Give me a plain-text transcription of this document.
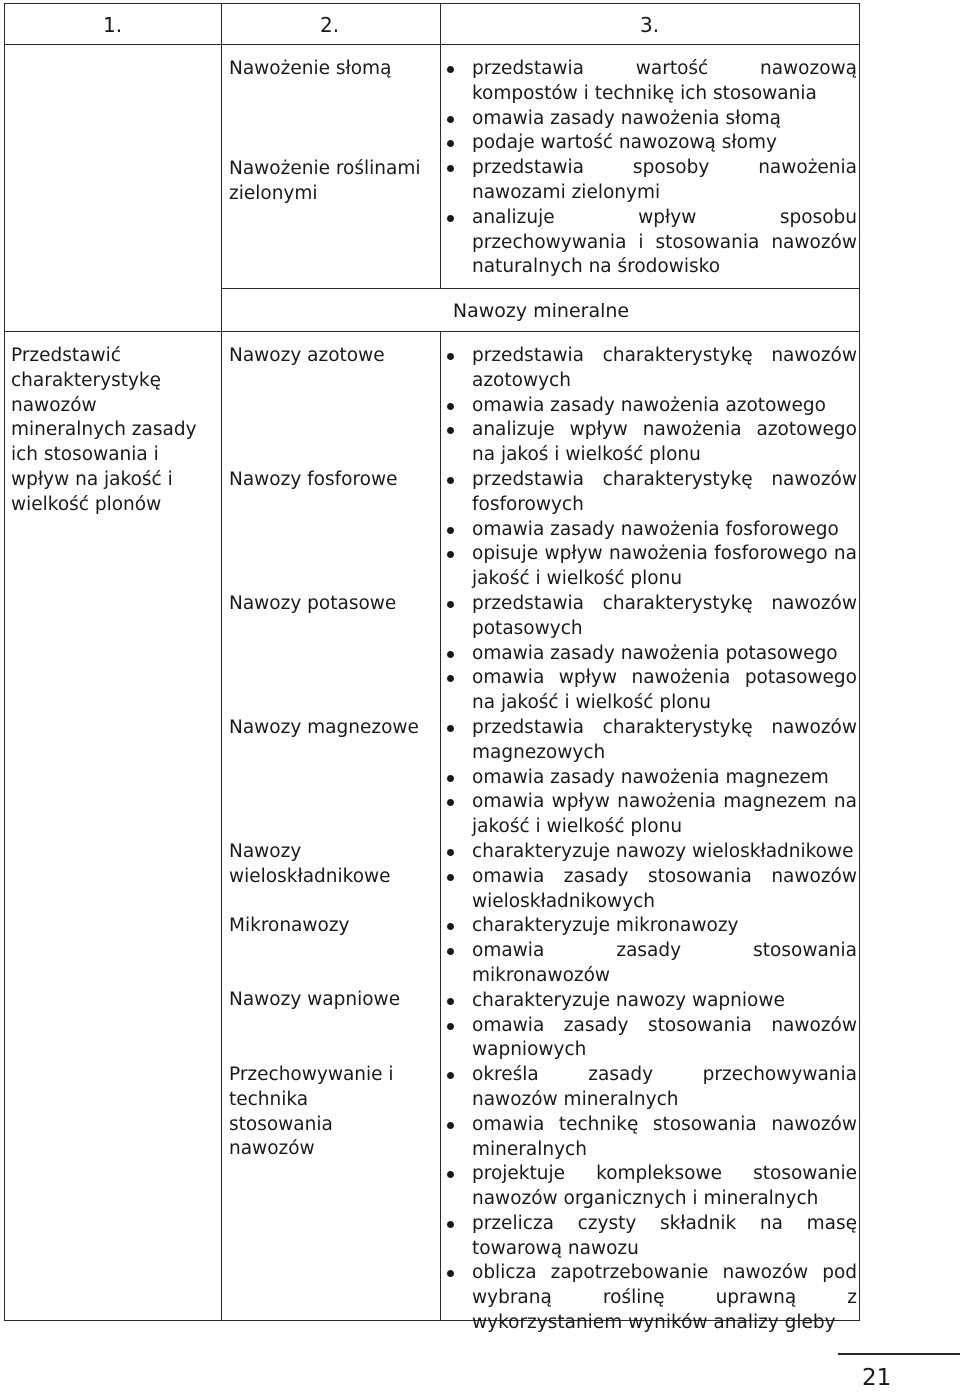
1.	2.	3.
Nawożenie słomą
Nawożenie roślinami zielonymi
przedstawia wartość nawozową kompostów i technikę ich stosowania
omawia zasady nawożenia słomą
podaje wartość nawozową słomy
przedstawia sposoby nawożenia nawozami zielonymi
analizuje wpływ sposobu przechowywania i stosowania nawozów naturalnych na środowisko
Nawozy mineralne
Przedstawić charakterystykę nawozów mineralnych zasady ich stosowania i wpływ na jakość i wielkość plonów
Nawozy azotowe
Nawozy fosforowe
Nawozy potasowe
Nawozy magnezowe
Nawozy wieloskładnikowe
Mikronawozy
Nawozy wapniowe
Przechowywanie i technika stosowania nawozów
przedstawia charakterystykę nawozów azotowych
omawia zasady nawożenia azotowego
analizuje wpływ nawożenia azotowego na jakoś i wielkość plonu
przedstawia charakterystykę nawozów fosforowych
omawia zasady nawożenia fosforowego
opisuje wpływ nawożenia fosforowego na jakość i wielkość plonu
przedstawia charakterystykę nawozów potasowych
omawia zasady nawożenia potasowego
omawia wpływ nawożenia potasowego na jakość i wielkość plonu
przedstawia charakterystykę nawozów magnezowych
omawia zasady nawożenia magnezem
omawia wpływ nawożenia magnezem na jakość i wielkość plonu
charakteryzuje nawozy wieloskładnikowe
omawia zasady stosowania nawozów wieloskładnikowych
charakteryzuje mikronawozy
omawia zasady stosowania mikronawozów
charakteryzuje nawozy wapniowe
omawia zasady stosowania nawozów wapniowych
określa zasady przechowywania nawozów mineralnych
omawia technikę stosowania nawozów mineralnych
projektuje kompleksowe stosowanie nawozów organicznych i mineralnych
przelicza czysty składnik na masę towarową nawozu
oblicza zapotrzebowanie nawozów pod wybraną roślinę uprawną z wykorzystaniem wyników analizy gleby
21
